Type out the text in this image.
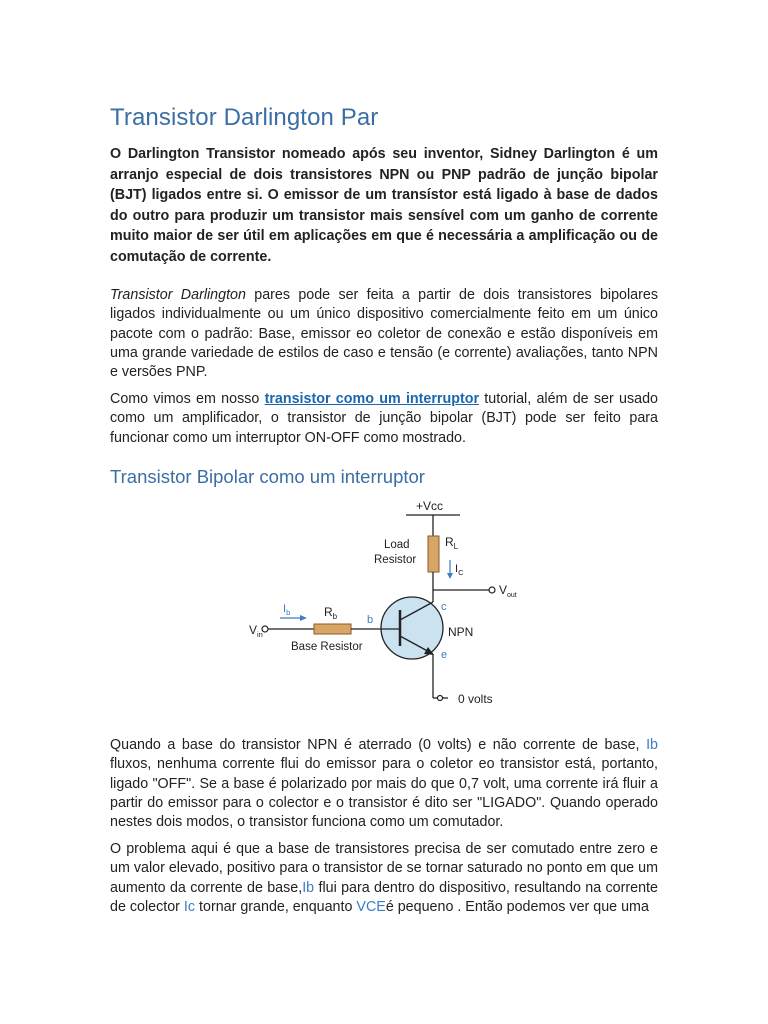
Transistor Darlington Par

O Darlington Transistor nomeado após seu inventor, Sidney Darlington é um arranjo especial de dois transistores NPN ou PNP padrão de junção bipolar (BJT) ligados entre si. O emissor de um transístor está ligado à base de dados do outro para produzir um transistor mais sensível com um ganho de corrente muito maior de ser útil em aplicações em que é necessária a amplificação ou de comutação de corrente.

Transistor Darlington pares pode ser feita a partir de dois transistores bipolares ligados individualmente ou um único dispositivo comercialmente feito em um único pacote com o padrão: Base, emissor eo coletor de conexão e estão disponíveis em uma grande variedade de estilos de caso e tensão (e corrente) avaliações, tanto NPN e versões PNP.

Como vimos em nosso transistor como um interruptor tutorial, além de ser usado como um amplificador, o transistor de junção bipolar (BJT) pode ser feito para funcionar como um interruptor ON-OFF como mostrado.

Transistor Bipolar como um interruptor
+Vcc
Load
Resistor
$R_L$
$I_C$
$V_{out}$
c
e
NPN
$V_{in}$
$R_b$	b
$I_b$
Base Resistor
0 volts

Quando a base do transistor NPN é aterrado (0 volts) e não corrente de base, Ib fluxos, nenhuma corrente flui do emissor para o coletor eo transistor está, portanto, ligado "OFF". Se a base é polarizado por mais do que 0,7 volt, uma corrente irá fluir a partir do emissor para o colector e o transistor é dito ser "LIGADO". Quando operado nestes dois modos, o transistor funciona como um comutador.

O problema aqui é que a base de transistores precisa de ser comutado entre zero e um valor elevado, positivo para o transistor de se tornar saturado no ponto em que um aumento da corrente de base,Ib flui para dentro do dispositivo, resultando na corrente de colector Ic tornar grande, enquanto VCEé pequeno . Então podemos ver que uma
